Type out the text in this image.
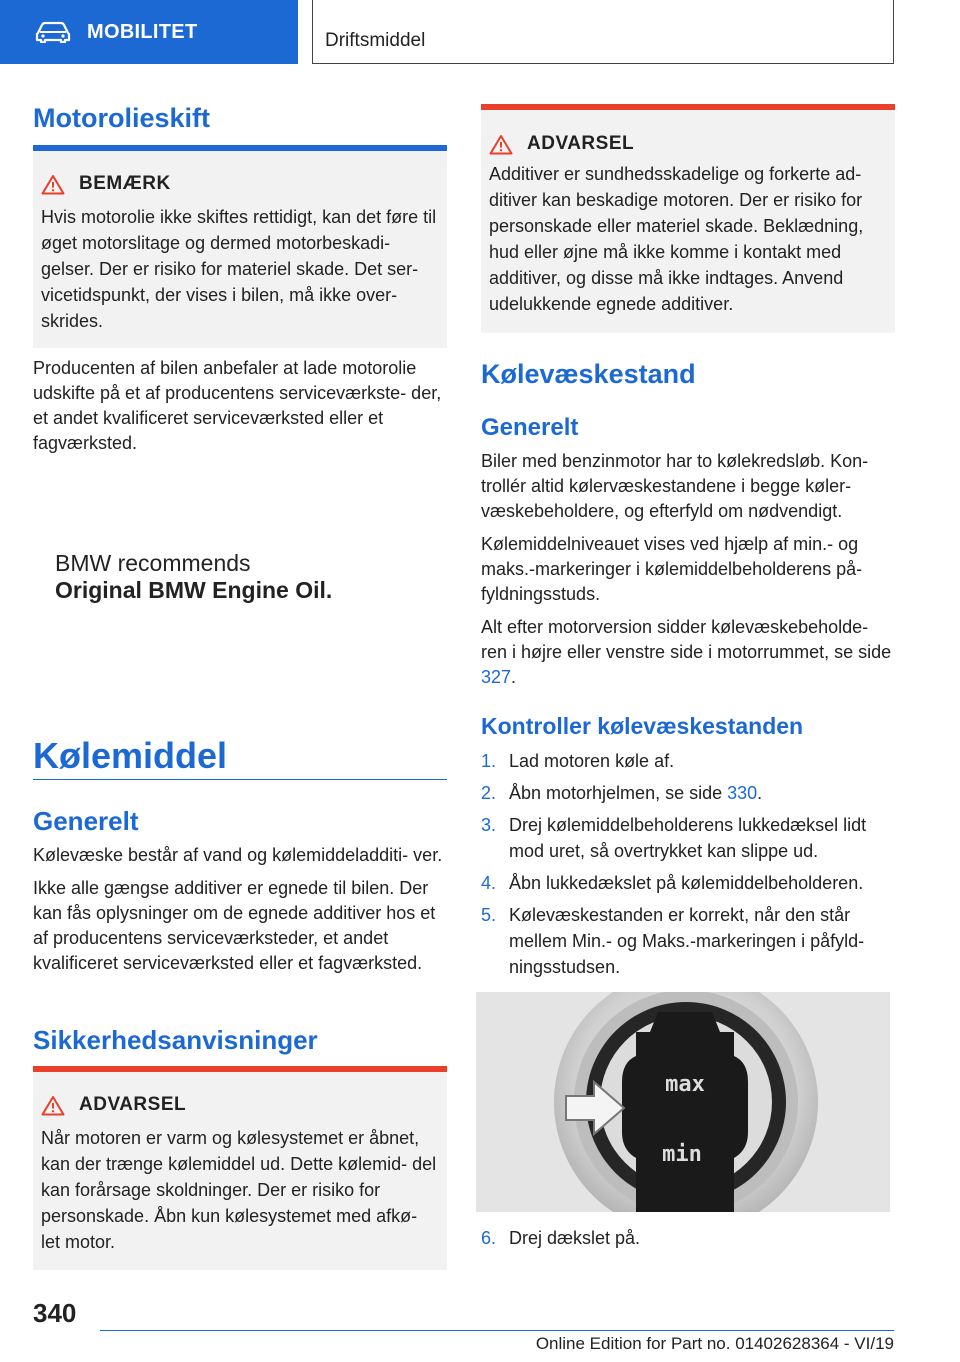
MOBILITET	Driftsmiddel
Motorolieskift
BEMÆRK
Hvis motorolie ikke skiftes rettidigt, kan det føre til øget motorslitage og dermed motorbeskadi- gelser. Der er risiko for materiel skade. Det ser- vicetidspunkt, der vises i bilen, må ikke over- skrides.

Producenten af bilen anbefaler at lade motorolie udskifte på et af producentens serviceværkste- der, et andet kvalificeret serviceværksted eller et fagværksted.

BMW recommends
Original BMW Engine Oil.
Kølemiddel
Generelt

Kølevæske består af vand og kølemiddeladditi- ver.

Ikke alle gængse additiver er egnede til bilen. Der kan fås oplysninger om de egnede additiver hos et af producentens serviceværksteder, et andet kvalificeret serviceværksted eller et fagværksted.

Sikkerhedsanvisninger
ADVARSEL
Når motoren er varm og kølesystemet er åbnet, kan der trænge kølemiddel ud. Dette kølemid- del kan forårsage skoldninger. Der er risiko for personskade. Åbn kun kølesystemet med afkø- let motor.
ADVARSEL
Additiver er sundhedsskadelige og forkerte ad- ditiver kan beskadige motoren. Der er risiko for personskade eller materiel skade. Beklædning, hud eller øjne må ikke komme i kontakt med additiver, og disse må ikke indtages. Anvend udelukkende egnede additiver.
Kølevæskestand
Generelt

Biler med benzinmotor har to kølekredsløb. Kon- trollér altid kølervæskestandene i begge køler- væskebeholdere, og efterfyld om nødvendigt.

Kølemiddelniveauet vises ved hjælp af min.- og maks.-markeringer i kølemiddelbeholderens på- fyldningsstuds.

Alt efter motorversion sidder kølevæskebeholde- ren i højre eller venstre side i motorrummet, se side 327.

Kontroller kølevæskestanden
1. Lad motoren køle af.
2. Åbn motorhjelmen, se side 330.
3. Drej kølemiddelbeholderens lukkedæksel lidt mod uret, så overtrykket kan slippe ud.
4. Åbn lukkedækslet på kølemiddelbeholderen.
5. Kølevæskestanden er korrekt, når den står mellem Min.- og Maks.-markeringen i påfyld- ningsstudsen.
max
min
6. Drej dækslet på.
340
Online Edition for Part no. 01402628364 - VI/19
